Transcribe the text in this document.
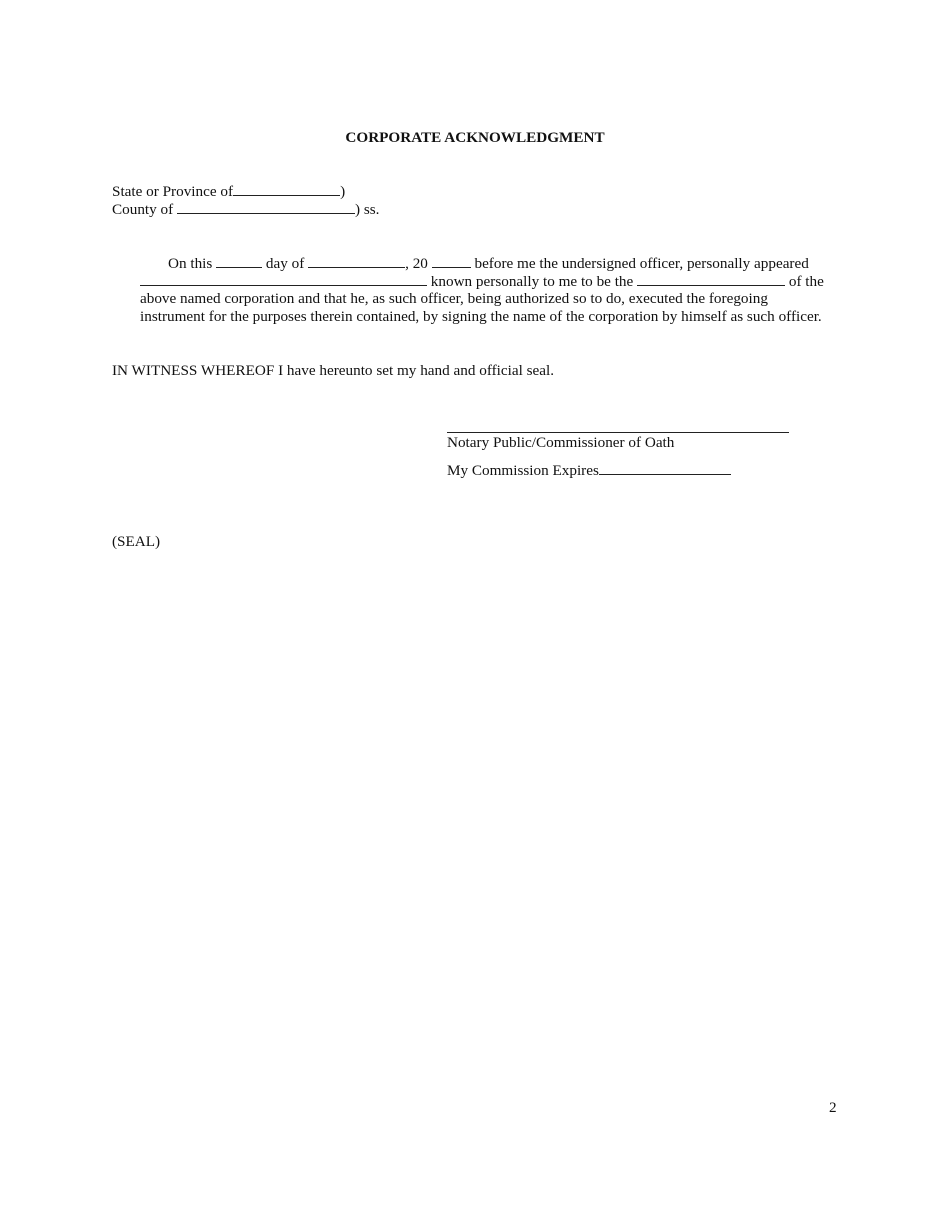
CORPORATE ACKNOWLEDGMENT
State or Province of	)
County of	) ss.
On this	day of	, 20	before me the undersigned officer, personally appeared
known personally to me to be the	of the
above named corporation and that he, as such officer, being authorized so to do, executed the foregoing
instrument for the purposes therein contained, by signing the name of the corporation by himself as such officer.
IN WITNESS WHEREOF I have hereunto set my hand and official seal.
Notary Public/Commissioner of Oath
My Commission Expires
(SEAL)
2
